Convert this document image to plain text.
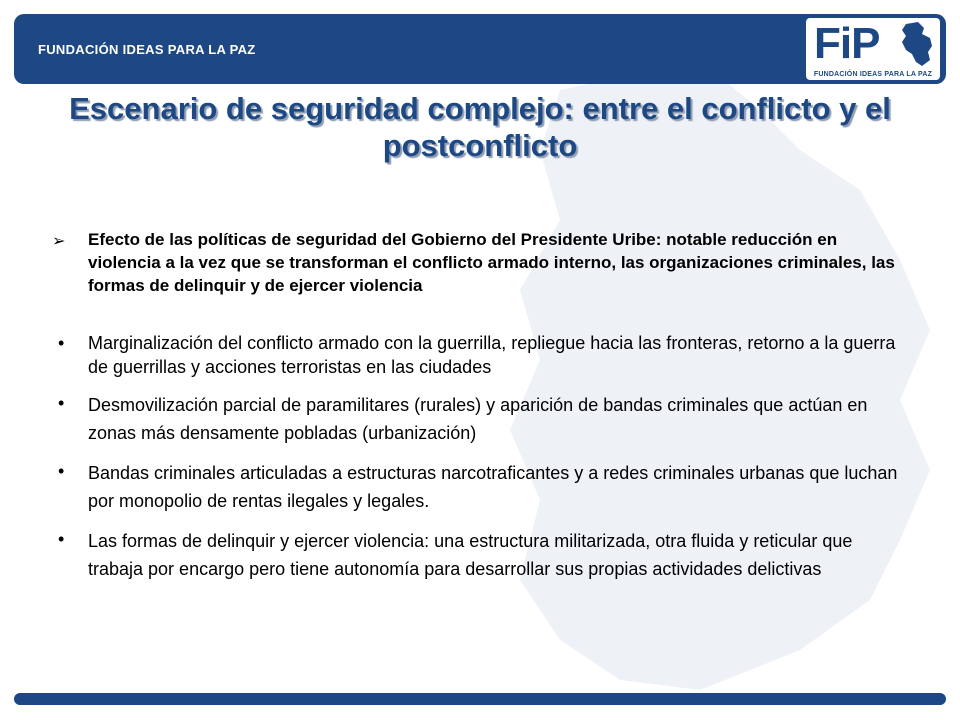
FUNDACIÓN IDEAS PARA LA PAZ	FiP
FUNDACIÓN IDEAS PARA LA PAZ
Escenario de seguridad complejo: entre el conflicto y el postconflicto
➢ Efecto de las políticas de seguridad del Gobierno del Presidente Uribe: notable reducción en violencia a la vez que se transforman el conflicto armado interno, las organizaciones criminales, las formas de delinquir y de ejercer violencia
• Marginalización del conflicto armado con la guerrilla, repliegue hacia las fronteras, retorno a la guerra de guerrillas y acciones terroristas en las ciudades
• Desmovilización parcial de paramilitares (rurales) y aparición de bandas criminales que actúan en zonas más densamente pobladas (urbanización)
• Bandas criminales articuladas a estructuras narcotraficantes y a redes criminales urbanas que luchan por monopolio de rentas ilegales y legales.
• Las formas de delinquir y ejercer violencia: una estructura militarizada, otra fluida y reticular que trabaja por encargo pero tiene autonomía para desarrollar sus propias actividades delictivas
